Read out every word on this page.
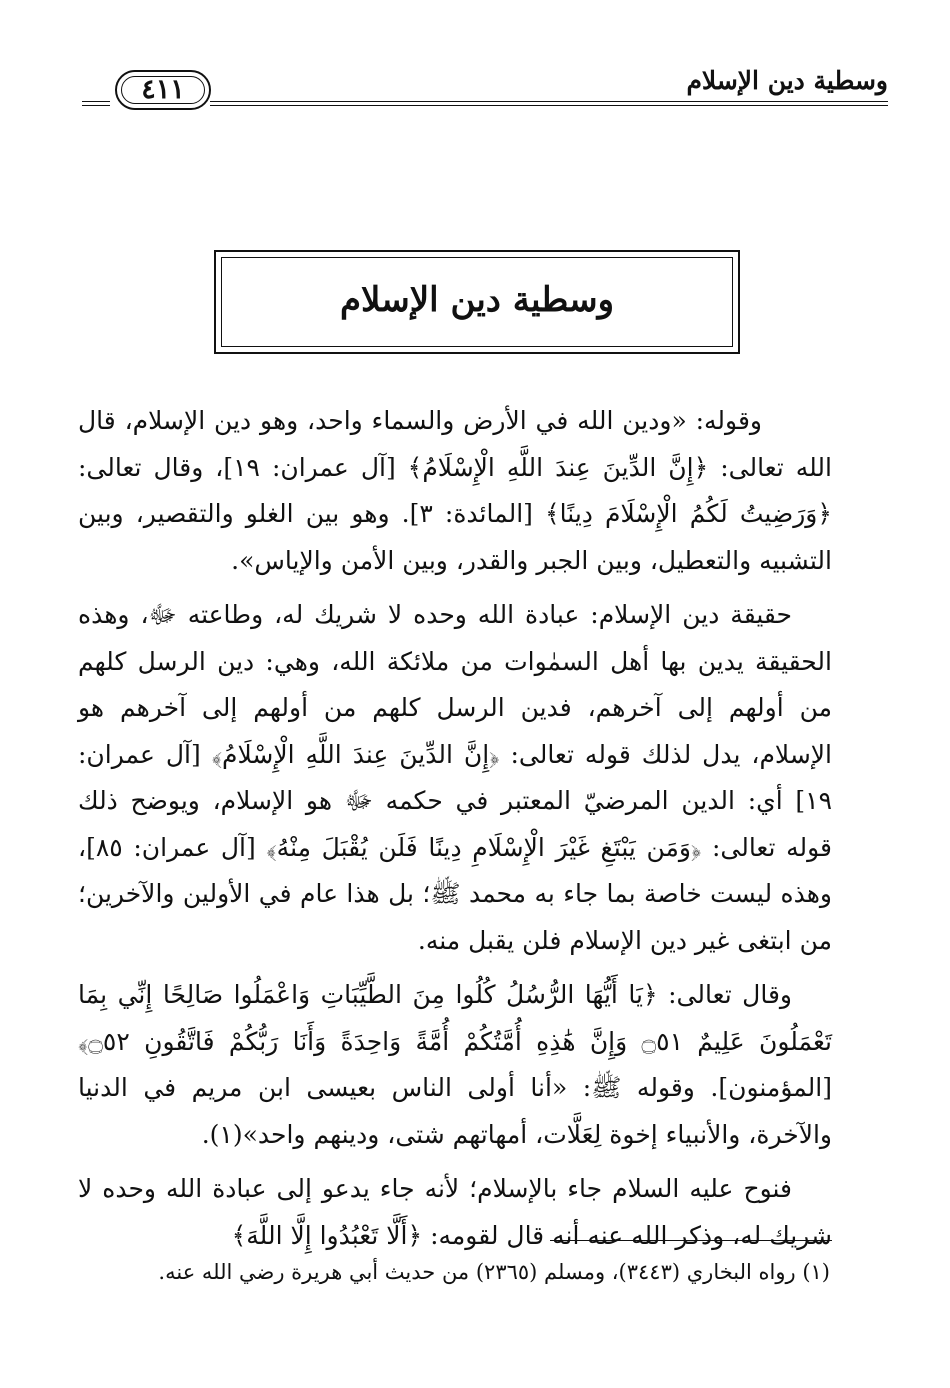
وسطية دين الإسلام
٤١١
وسطية دين الإسلام

وقوله: «ودين الله في الأرض والسماء واحد، وهو دين الإسلام، قال الله تعالى: ﴿إِنَّ الدِّينَ عِندَ اللَّهِ الْإِسْلَامُ﴾ [آل عمران: ١٩]، وقال تعالى: ﴿وَرَضِيتُ لَكُمُ الْإِسْلَامَ دِينًا﴾ [المائدة: ٣]. وهو بين الغلو والتقصير، وبين التشبيه والتعطيل، وبين الجبر والقدر، وبين الأمن والإياس».

حقيقة دين الإسلام: عبادة الله وحده لا شريك له، وطاعته ﷻ، وهذه الحقيقة يدين بها أهل السمٰوات من ملائكة الله، وهي: دين الرسل كلهم من أولهم إلى آخرهم، فدين الرسل كلهم من أولهم إلى آخرهم هو الإسلام، يدل لذلك قوله تعالى: ﴿إِنَّ الدِّينَ عِندَ اللَّهِ الْإِسْلَامُ﴾ [آل عمران: ١٩] أي: الدين المرضيّ المعتبر في حكمه ﷻ هو الإسلام، ويوضح ذلك قوله تعالى: ﴿وَمَن يَبْتَغِ غَيْرَ الْإِسْلَامِ دِينًا فَلَن يُقْبَلَ مِنْهُ﴾ [آل عمران: ٨٥]، وهذه ليست خاصة بما جاء به محمد ﷺ؛ بل هذا عام في الأولين والآخرين؛ من ابتغى غير دين الإسلام فلن يقبل منه.

وقال تعالى: ﴿يَا أَيُّهَا الرُّسُلُ كُلُوا مِنَ الطَّيِّبَاتِ وَاعْمَلُوا صَالِحًا إِنِّي بِمَا تَعْمَلُونَ عَلِيمٌ ۝٥١ وَإِنَّ هَٰذِهِ أُمَّتُكُمْ أُمَّةً وَاحِدَةً وَأَنَا رَبُّكُمْ فَاتَّقُونِ ۝٥٢﴾ [المؤمنون]. وقوله ﷺ: «أنا أولى الناس بعيسى ابن مريم في الدنيا والآخرة، والأنبياء إخوة لِعَلَّات، أمهاتهم شتى، ودينهم واحد»(١).

فنوح عليه السلام جاء بالإسلام؛ لأنه جاء يدعو إلى عبادة الله وحده لا شريك له، وذكر الله عنه أنه قال لقومه: ﴿أَلَّا تَعْبُدُوا إِلَّا اللَّهَ﴾

(١) رواه البخاري (٣٤٤٣)، ومسلم (٢٣٦٥) من حديث أبي هريرة رضي الله عنه.
